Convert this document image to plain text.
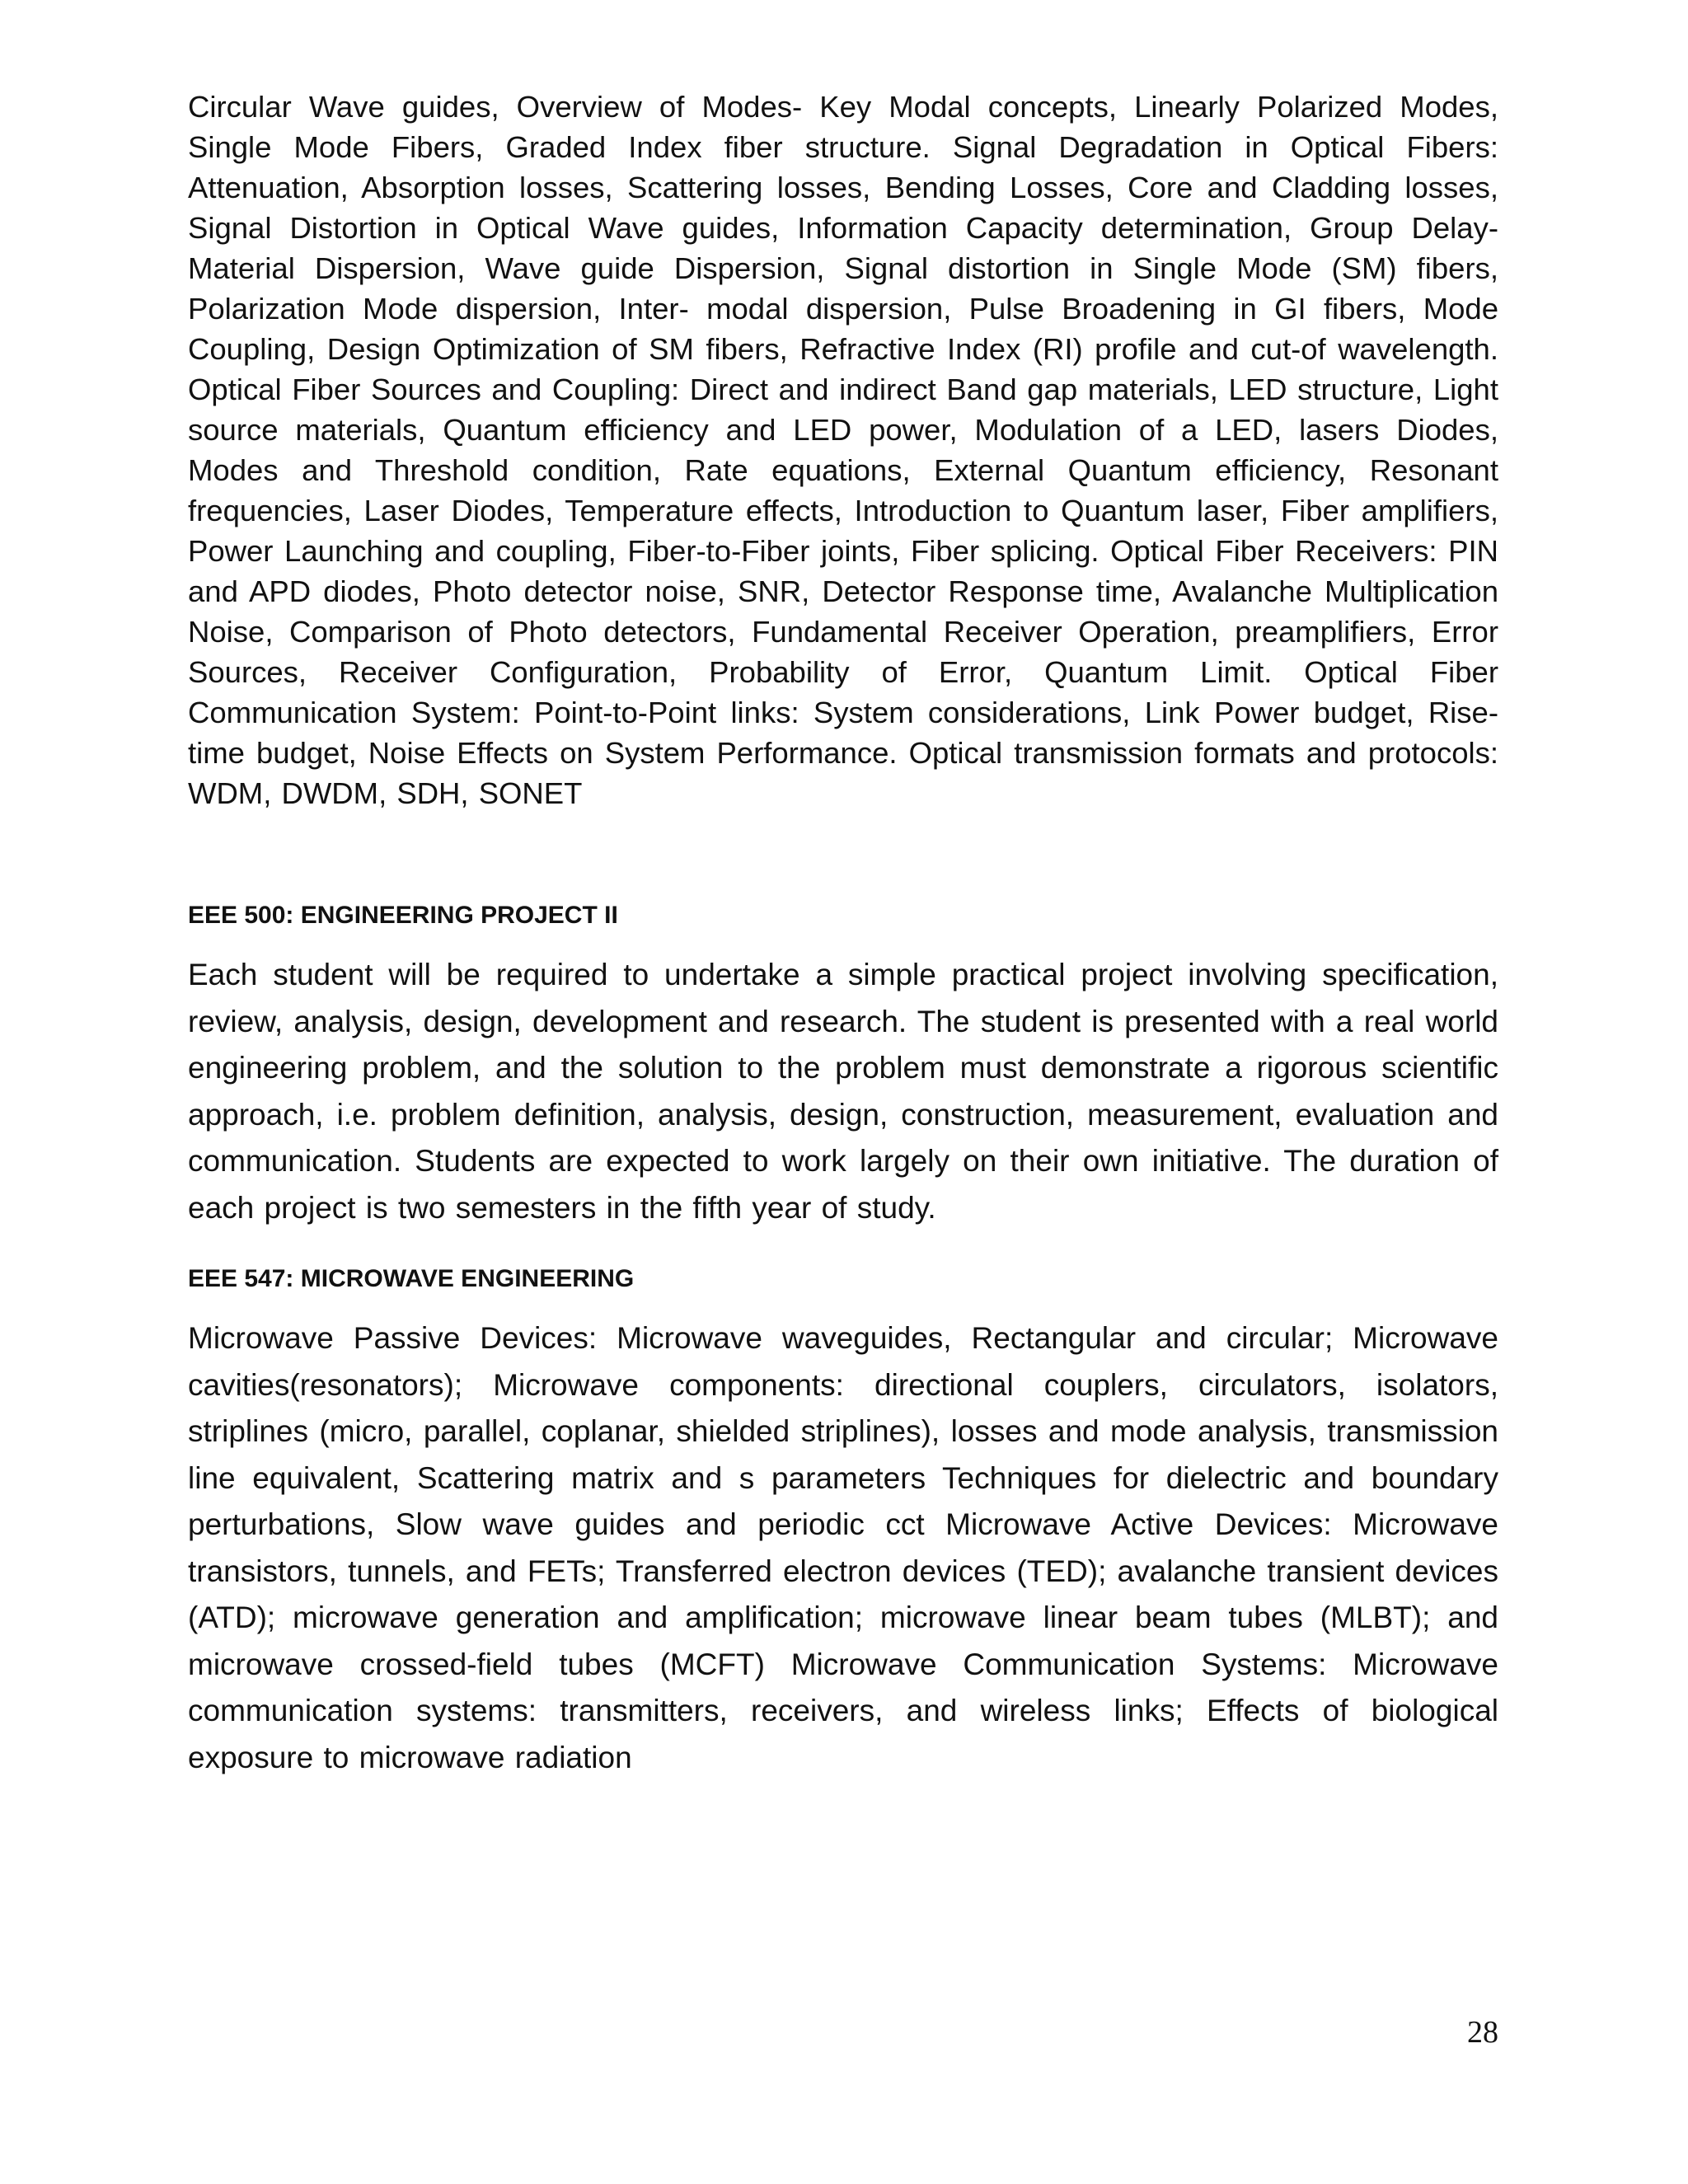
Circular Wave guides, Overview of Modes- Key Modal concepts, Linearly Polarized Modes, Single Mode Fibers, Graded Index fiber structure. Signal Degradation in Optical Fibers: Attenuation, Absorption losses, Scattering losses, Bending Losses, Core and Cladding losses, Signal Distortion in Optical Wave guides, Information Capacity determination, Group Delay-Material Dispersion, Wave guide Dispersion, Signal distortion in Single Mode (SM) fibers, Polarization Mode dispersion, Inter- modal dispersion, Pulse Broadening in GI fibers, Mode Coupling, Design Optimization of SM fibers, Refractive Index (RI) profile and cut-of wavelength. Optical Fiber Sources and Coupling: Direct and indirect Band gap materials, LED structure, Light source materials, Quantum efficiency and LED power, Modulation of a LED, lasers Diodes, Modes and Threshold condition, Rate equations, External Quantum efficiency, Resonant frequencies, Laser Diodes, Temperature effects, Introduction to Quantum laser, Fiber amplifiers, Power Launching and coupling, Fiber-to-Fiber joints, Fiber splicing. Optical Fiber Receivers: PIN and APD diodes, Photo detector noise, SNR, Detector Response time, Avalanche Multiplication Noise, Comparison of Photo detectors, Fundamental Receiver Operation, preamplifiers, Error Sources, Receiver Configuration, Probability of Error, Quantum Limit. Optical Fiber Communication System: Point-to-Point links: System considerations, Link Power budget, Rise-time budget, Noise Effects on System Performance. Optical transmission formats and protocols: WDM, DWDM, SDH, SONET

EEE 500: ENGINEERING PROJECT II

Each student will be required to undertake a simple practical project involving specification, review, analysis, design, development and research. The student is presented with a real world engineering problem, and the solution to the problem must demonstrate a rigorous scientific approach, i.e. problem definition, analysis, design, construction, measurement, evaluation and communication. Students are expected to work largely on their own initiative. The duration of each project is two semesters in the fifth year of study.

EEE 547: MICROWAVE ENGINEERING

Microwave Passive Devices: Microwave waveguides, Rectangular and circular; Microwave cavities(resonators); Microwave components: directional couplers, circulators, isolators, striplines (micro, parallel, coplanar, shielded striplines), losses and mode analysis, transmission line equivalent, Scattering matrix and s parameters Techniques for dielectric and boundary perturbations, Slow wave guides and periodic cct Microwave Active Devices: Microwave transistors, tunnels, and FETs; Transferred electron devices (TED); avalanche transient devices (ATD); microwave generation and amplification; microwave linear beam tubes (MLBT); and microwave crossed-field tubes (MCFT) Microwave Communication Systems: Microwave communication systems: transmitters, receivers, and wireless links; Effects of biological exposure to microwave radiation

28
